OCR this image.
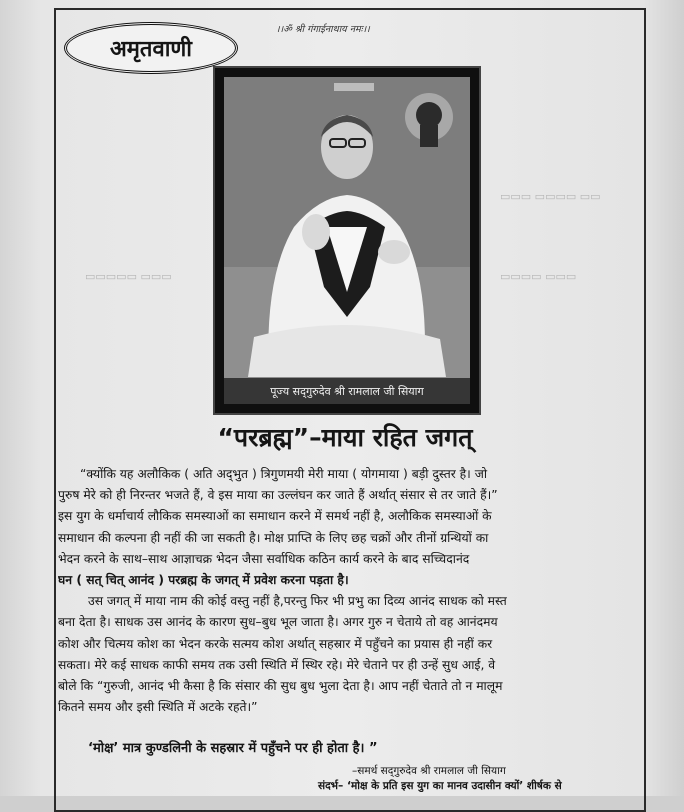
▭▭▭ ▭▭▭▭ ▭▭
▭▭▭▭ ▭▭▭
▭▭▭▭▭ ▭▭▭
अमृतवाणी
।।ॐ श्री गंगाईनाथाय नमः।।
पूज्य सद्‌गुरुदेव श्री रामलाल जी सियाग
“परब्रह्म”–माया रहित जगत्
“क्योंकि यह अलौकिक ( अति अद्‌भुत ) त्रिगुणमयी मेरी माया ( योगमाया ) बड़ी दुस्तर है। जो
पुरुष मेरे को ही निरन्तर भजते हैं, वे इस माया का उल्लंघन कर जाते हैं अर्थात् संसार से तर जाते हैं।”
इस युग के धर्माचार्य लौकिक समस्याओं का समाधान करने में समर्थ नहीं है, अलौकिक समस्याओं के
समाधान की कल्पना ही नहीं की जा सकती है। मोक्ष प्राप्ति के लिए छह चक्रों और तीनों ग्रन्थियों का
भेदन करने के साथ–साथ आज्ञाचक्र भेदन जैसा सर्वाधिक कठिन कार्य करने के बाद सच्चिदानंद
घन ( सत् चित् आनंद ) परब्रह्म के जगत् में प्रवेश करना पड़ता है।
उस जगत् में माया नाम की कोई वस्तु नहीं है,परन्तु फिर भी प्रभु का दिव्य आनंद साधक को मस्त
बना देता है। साधक उस आनंद के कारण सुध–बुध भूल जाता है। अगर गुरु न चेताये तो वह आनंदमय
कोश और चित्मय कोश का भेदन करके सत्मय कोश अर्थात् सहस्रार में पहुँचने का प्रयास ही नहीं कर
सकता। मेरे कई साधक काफी समय तक उसी स्थिति में स्थिर रहे। मेरे चेताने पर ही उन्हें सुध आई, वे
बोले कि “गुरुजी, आनंद भी कैसा है कि संसार की सुध बुध भुला देता है। आप नहीं चेताते तो न मालूम
कितने समय और इसी स्थिति में अटके रहते।”
‘मोक्ष’ मात्र कुण्डलिनी के सहस्रार में पहुँचने पर ही होता है। ”
–समर्थ सद्‌गुरुदेव श्री रामलाल जी सियाग
संदर्भ– ‘मोक्ष के प्रति इस युग का मानव उदासीन क्यों’ शीर्षक से
